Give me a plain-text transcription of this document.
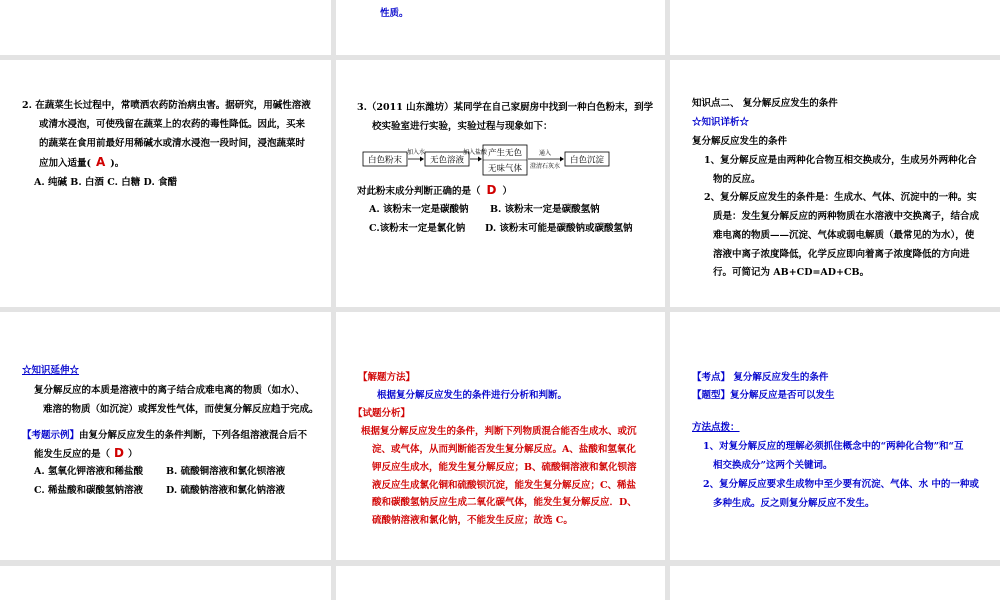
性质。
2. 在蔬菜生长过程中，常喷洒农药防治病虫害。据研究，用碱性溶液
或清水浸泡，可使残留在蔬菜上的农药的毒性降低。因此，买来
的蔬菜在食用前最好用稀碱水或清水浸泡一段时间，浸泡蔬菜时
应加入适量( A )。
A. 纯碱 B. 白酒 C. 白糖 D. 食醋
3.（2011 山东潍坊）某同学在自己家厨房中找到一种白色粉末，到学
校实验室进行实验，实验过程与现象如下：
白色粉末
加入水
无色溶液
加入盐酸 产生无色
无味气体
通入
澄清石灰水
白色沉淀
对此粉末成分判断正确的是（ D ）
A. 该粉末一定是碳酸钠 B. 该粉末一定是碳酸氢钠
C.该粉末一定是氯化钠 D. 该粉末可能是碳酸钠或碳酸氢钠
知识点二、 复分解反应发生的条件
☆知识详析☆
复分解反应发生的条件
1、复分解反应是由两种化合物互相交换成分，生成另外两种化合
物的反应。
2、复分解反应发生的条件是：生成水、气体、沉淀中的一种。实
质是：发生复分解反应的两种物质在水溶液中交换离子，结合成
难电离的物质——沉淀、气体或弱电解质（最常见的为水），使
溶液中离子浓度降低，化学反应即向着离子浓度降低的方向进
行。可简记为 AB+CD=AD+CB。
☆知识延伸☆
复分解反应的本质是溶液中的离子结合成难电离的物质（如水）、
难溶的物质（如沉淀）或挥发性气体，而使复分解反应趋于完成。
【考题示例】由复分解反应发生的条件判断，下列各组溶液混合后不
能发生反应的是（ D ）
A. 氢氧化钾溶液和稀盐酸 B. 硫酸铜溶液和氯化钡溶液
C. 稀盐酸和碳酸氢钠溶液 D. 硫酸钠溶液和氯化钠溶液
【解题方法】
根据复分解反应发生的条件进行分析和判断。
【试题分析】
根据复分解反应发生的条件，判断下列物质混合能否生成水、或沉
淀、或气体，从而判断能否发生复分解反应。A、盐酸和氢氧化
钾反应生成水，能发生复分解反应；B、硫酸铜溶液和氯化钡溶
液反应生成氯化铜和硫酸钡沉淀，能发生复分解反应；C、稀盐
酸和碳酸氢钠反应生成二氧化碳气体，能发生复分解反应．D、
硫酸钠溶液和氯化钠，不能发生反应；故选 C。
【考点】 复分解反应发生的条件
【题型】复分解反应是否可以发生
方法点拨：
1、对复分解反应的理解必须抓住概念中的“两种化合物”和“互
相交换成分”这两个关键词。
2、复分解反应要求生成物中至少要有沉淀、气体、水 中的一种或
多种生成。反之则复分解反应不发生。
